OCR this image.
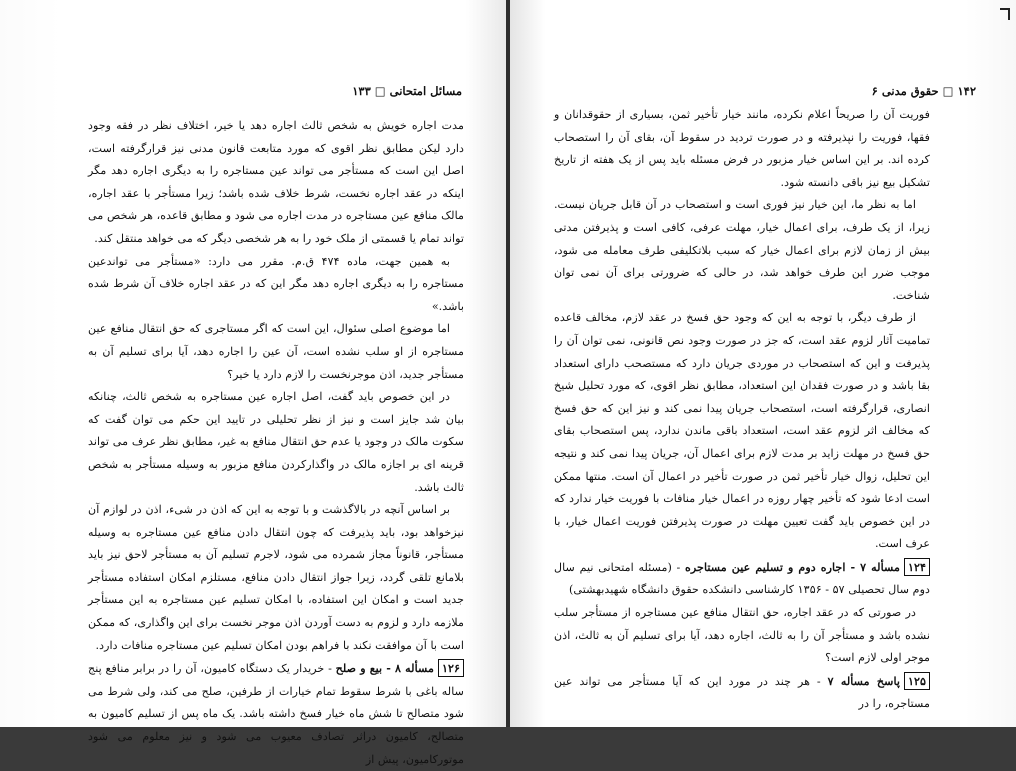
مسائل امتحانی □ ۱۳۳

مدت اجاره خویش به شخص ثالث اجاره دهد یا خیر، اختلاف نظر در فقه وجود دارد لیکن مطابق نظر اقوی که مورد متابعت قانون مدنی نیز قرارگرفته است، اصل این است که مستأجر می تواند عین مستاجره را به دیگری اجاره دهد مگر اینکه در عقد اجاره نخست، شرط خلاف شده باشد؛ زیرا مستأجر با عقد اجاره، مالک منافع عین مستاجره در مدت اجاره می شود و مطابق قاعده، هر شخص می تواند تمام یا قسمتی از ملک خود را به هر شخصی دیگر که می خواهد منتقل کند.

به همین جهت، ماده ۴۷۴ ق.م. مقرر می دارد: «مستأجر می تواندعین مستاجره را به دیگری اجاره دهد مگر این که در عقد اجاره خلاف آن شرط شده باشد.»

اما موضوع اصلی سئوال، این است که اگر مستاجری که حق انتقال منافع عین مستاجره از او سلب نشده است، آن عین را اجاره دهد، آیا برای تسلیم آن به مستأجر جدید، اذن موجرنخست را لازم دارد یا خیر؟

در این خصوص باید گفت، اصل اجاره عین مستاجره به شخص ثالث، چنانکه بیان شد جایز است و نیز از نظر تحلیلی در تایید این حکم می توان گفت که سکوت مالک در وجود یا عدم حق انتقال منافع به غیر، مطابق نظر عرف می تواند قرینه ای بر اجازه مالک در واگذارکردن منافع مزبور به وسیله مستأجر به شخص ثالث باشد.

بر اساس آنچه در بالاگذشت و با توجه به این که اذن در شیء، اذن در لوازم آن نیزخواهد بود، باید پذیرفت که چون انتقال دادن منافع عین مستاجره به وسیله مستأجر، قانوناً مجاز شمرده می شود، لاجرم تسلیم آن به مستأجر لاحق نیز باید بلامانع تلقی گردد، زیرا جواز انتقال دادن منافع، مستلزم امکان استفاده مستأجر جدید است و امکان این استفاده، با امکان تسلیم عین مستاجره به این مستأجر ملازمه دارد و لزوم به دست آوردن اذن موجر نخست برای این واگذاری، که ممکن است با آن موافقت نکند با فراهم بودن امکان تسلیم عین مستاجره منافات دارد.

۱۲۶مسأله ۸ - بیع و صلح - خریدار یک دستگاه کامیون، آن را در برابر منافع پنج ساله باغی با شرط سقوط تمام خیارات از طرفین، صلح می کند، ولی شرط می شود متصالح تا شش ماه خیار فسخ داشته باشد. یک ماه پس از تسلیم کامیون به متصالح، کامیون دراثر تصادف معیوب می شود و نیز معلوم می شود موتورکامیون، پیش از

۱۴۲ □ حقوق مدنی ۶

فوریت آن را صریحاً اعلام نکرده، مانند خیار تأخیر ثمن، بسیاری از حقوقدانان و فقها، فوریت را نپذیرفته و در صورت تردید در سقوط آن، بقای آن را استصحاب کرده اند. بر این اساس خیار مزبور در فرض مسئله باید پس از یک هفته از تاریخ تشکیل بیع نیز باقی دانسته شود.

اما به نظر ما، این خیار نیز فوری است و استصحاب در آن قابل جریان نیست. زیرا، از یک طرف، برای اعمال خیار، مهلت عرفی، کافی است و پذیرفتن مدتی بیش از زمان لازم برای اعمال خیار که سبب بلاتکلیفی طرف معامله می شود، موجب ضرر این طرف خواهد شد، در حالی که ضرورتی برای آن نمی توان شناخت.

از طرف دیگر، با توجه به این که وجود حق فسخ در عقد لازم، مخالف قاعده تمامیت آثار لزوم عقد است، که جز در صورت وجود نص قانونی، نمی توان آن را پذیرفت و این که استصحاب در موردی جریان دارد که مستصحب دارای استعداد بقا باشد و در صورت فقدان این استعداد، مطابق نظر اقوی، که مورد تحلیل شیخ انصاری، قرارگرفته است، استصحاب جریان پیدا نمی کند و نیز این که حق فسخ که مخالف اثر لزوم عقد است، استعداد باقی ماندن ندارد، پس استصحاب بقای حق فسخ در مهلت زاید بر مدت لازم برای اعمال آن، جریان پیدا نمی کند و نتیجه این تحلیل، زوال خیار تأخیر ثمن در صورت تأخیر در اعمال آن است. منتها ممکن است ادعا شود که تأخیر چهار روزه در اعمال خیار منافات با فوریت خیار ندارد که در این خصوص باید گفت تعیین مهلت در صورت پذیرفتن فوریت اعمال خیار، با عرف است.

۱۲۴مسأله ۷ - اجاره دوم و تسلیم عین مستاجره - (مسئله امتحانی نیم سال دوم سال تحصیلی ۵۷ - ۱۳۵۶ کارشناسی دانشکده حقوق دانشگاه شهیدبهشتی)

در صورتی که در عقد اجاره، حق انتقال منافع عین مستاجره از مستأجر سلب نشده باشد و مستأجر آن را به ثالث، اجاره دهد، آیا برای تسلیم آن به ثالث، اذن موجر اولی لازم است؟

۱۲۵پاسخ مسأله ۷ - هر چند در مورد این که آیا مستأجر می تواند عین مستاجره، را در
